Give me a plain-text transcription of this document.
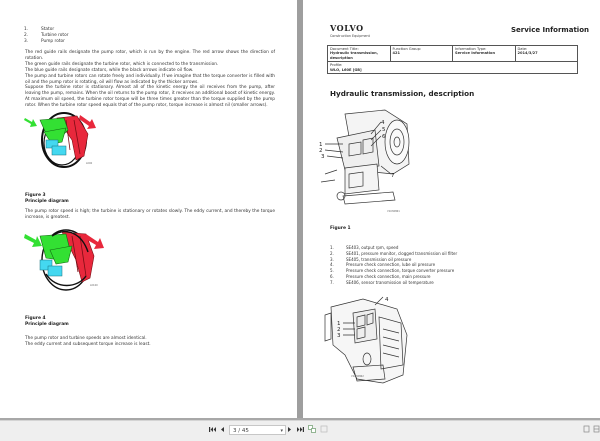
1.	Stator
2.	Turbine rotor
3.	Pump rotor
The red guide rails designate the pump rotor, which is run by the engine. The red arrow shows the direction of rotation.
The green guide rails designate the turbine rotor, which is connected to the transmission.
The blue guide rails designate stators, while the black arrows indicate oil flow.
The pump and turbine rotors can rotate freely and individually. If we imagine that the torque converter is filled with oil and the pump rotor is rotating, oil will flow as indicated by the thicker arrows.
Suppose the turbine rotor is stationary. Almost all of the kinetic energy the oil receives from the pump, after leaving the pump, remains. When the oil returns to the pump rotor, it receives an additional boost of kinetic energy.
At maximum oil speed, the turbine rotor torque will be three times greater than the torque supplied by the pump rotor. When the turbine rotor speed equals that of the pump rotor, torque increase is almost nil (smaller arrows).
L000
Figure 3
Principle diagram
The pump rotor speed is high; the turbine is stationary or rotates slowly. The eddy current, and thereby the torque increase, is greatest.
L0100
Figure 4
Principle diagram
The pump rotor and turbine speeds are almost identical.
The eddy current and subsequent torque increase is least.
VOLVO
Construction Equipment
Service Information
Document Title:
Hydraulic transmission, description
	Function Group:
421
	Information Type:
Service Information
	Date:
2014/3/27

Profile:
WLO, L60E [GB]
Hydraulic transmission, description
1
2
3
4
5
6
7
V1036861
Figure 1
1.	SE403, output rpm, speed
2.	SE401, pressure monitor, clogged transmission oil filter
3.	SE405, transmission oil pressure
4.	Pressure check connection, lube oil pressure
5.	Pressure check connection, torque converter pressure
6.	Pressure check connection, main pressure
7.	SE406, sensor transmission oil temperature
1
2
3
4
V1036862
3 / 45	▾
